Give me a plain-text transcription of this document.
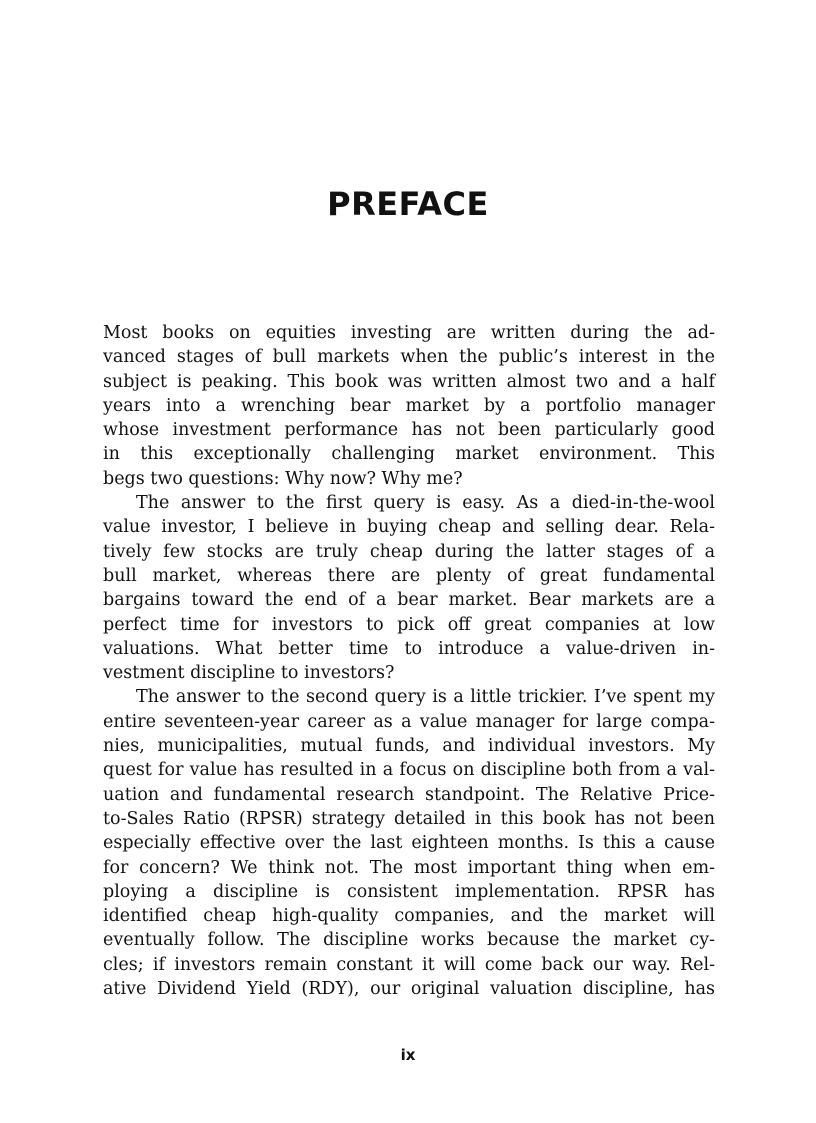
PREFACE
Most books on equities investing are written during the ad-
vanced stages of bull markets when the public’s interest in the
subject is peaking. This book was written almost two and a half
years into a wrenching bear market by a portfolio manager
whose investment performance has not been particularly good
in this exceptionally challenging market environment. This
begs two questions: Why now? Why me?
The answer to the first query is easy. As a died-in-the-wool
value investor, I believe in buying cheap and selling dear. Rela-
tively few stocks are truly cheap during the latter stages of a
bull market, whereas there are plenty of great fundamental
bargains toward the end of a bear market. Bear markets are a
perfect time for investors to pick off great companies at low
valuations. What better time to introduce a value-driven in-
vestment discipline to investors?
The answer to the second query is a little trickier. I’ve spent my
entire seventeen-year career as a value manager for large compa-
nies, municipalities, mutual funds, and individual investors. My
quest for value has resulted in a focus on discipline both from a val-
uation and fundamental research standpoint. The Relative Price-
to-Sales Ratio (RPSR) strategy detailed in this book has not been
especially effective over the last eighteen months. Is this a cause
for concern? We think not. The most important thing when em-
ploying a discipline is consistent implementation. RPSR has
identified cheap high-quality companies, and the market will
eventually follow. The discipline works because the market cy-
cles; if investors remain constant it will come back our way. Rel-
ative Dividend Yield (RDY), our original valuation discipline, has
ix
